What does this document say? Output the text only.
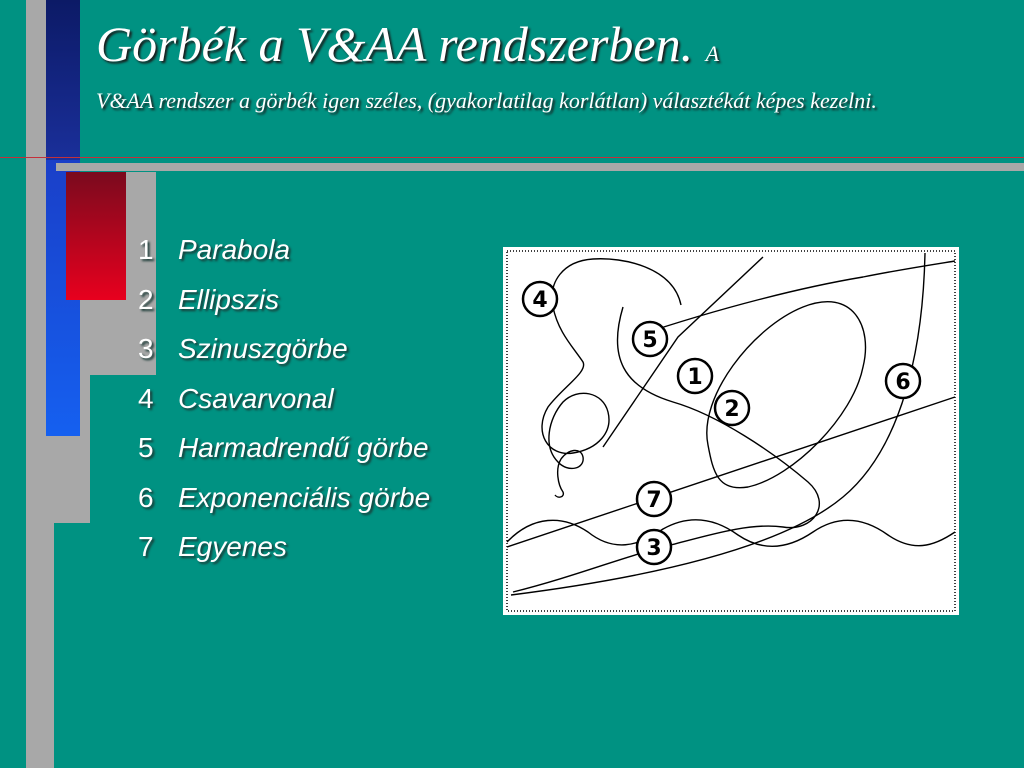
Görbék a V&AA rendszerben. A
V&AA rendszer a görbék igen széles, (gyakorlatilag korlátlan) választékát képes kezelni.
1 Parabola
2 Ellipszis
3 Szinuszgörbe
4 Csavarvonal
5 Harmadrendű görbe
6 Exponenciális görbe
7 Egyenes
4
5
1
2
6
7
3
